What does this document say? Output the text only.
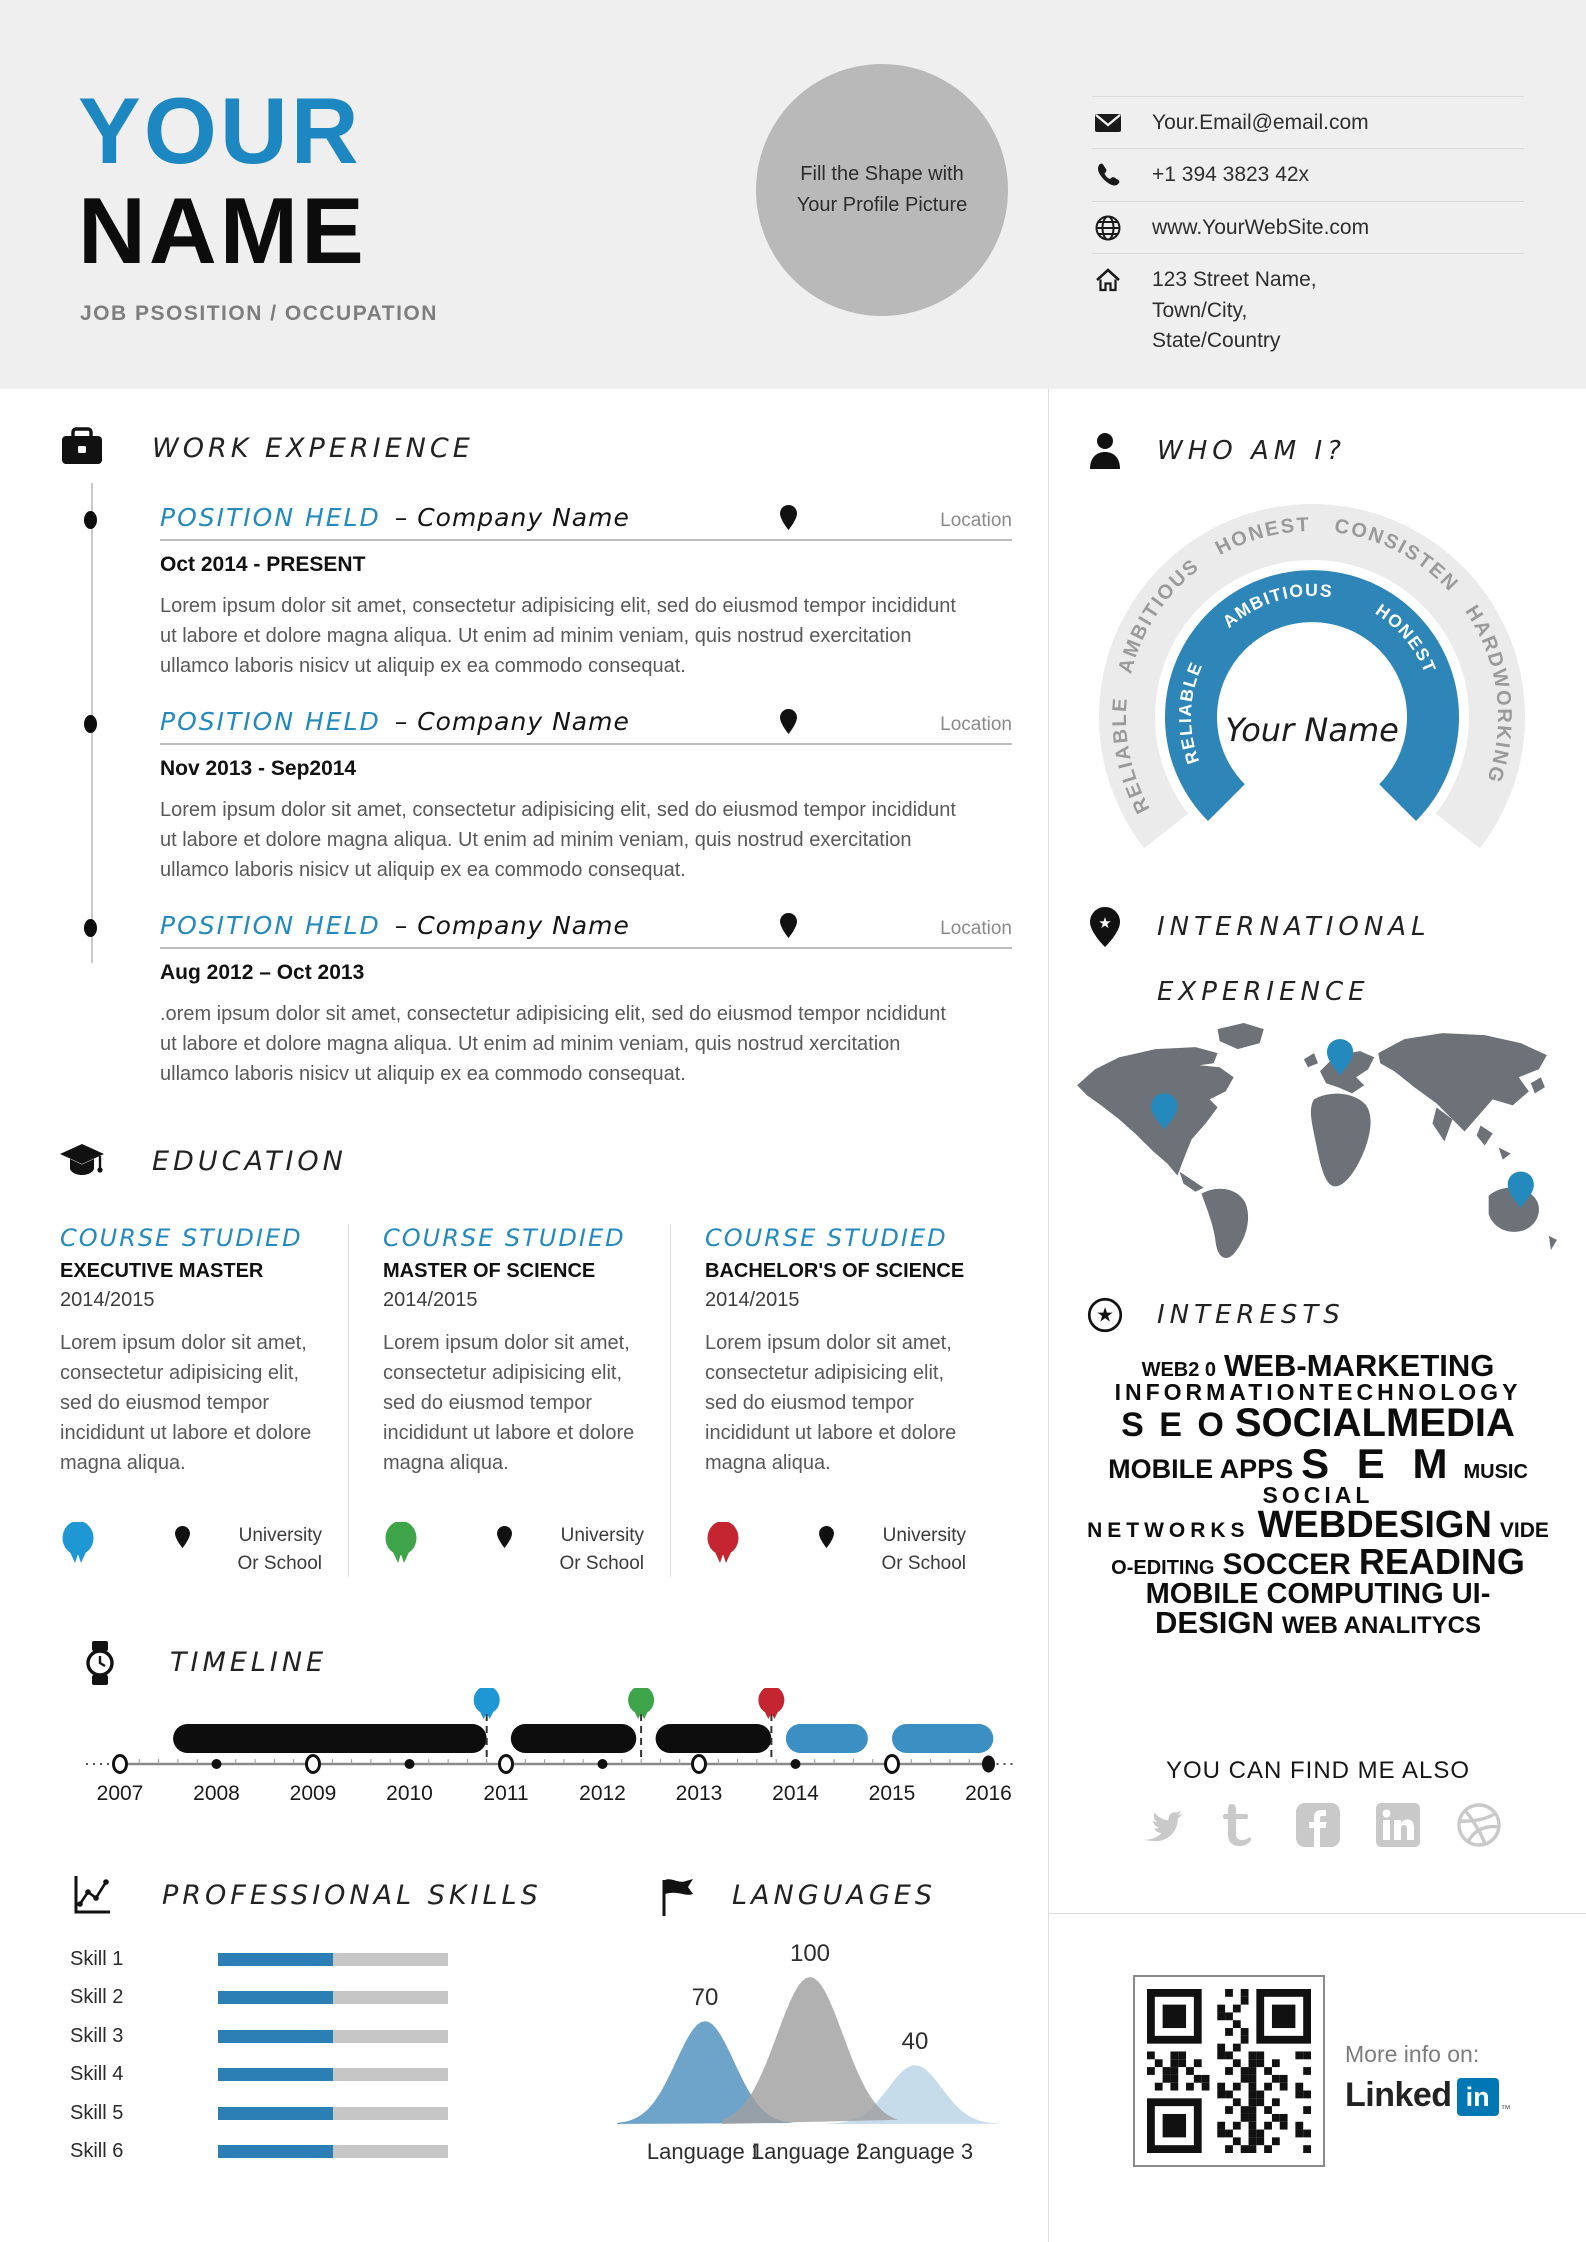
YOUR
NAME
JOB PSOSITION / OCCUPATION
Fill the Shape with Your Profile Picture
Your.Email@email.com
+1 394 3823 42x
www.YourWebSite.com
123 Street Name,
Town/City,
State/Country
WORK EXPERIENCE
POSITION HELD – Company Name	Location
Oct 2014 - PRESENT
Lorem ipsum dolor sit amet, consectetur adipisicing elit, sed do eiusmod tempor incididunt ut labore et dolore magna aliqua. Ut enim ad minim veniam, quis nostrud exercitation ullamco laboris nisicv ut aliquip ex ea commodo consequat.
POSITION HELD – Company Name	Location
Nov 2013 - Sep2014
Lorem ipsum dolor sit amet, consectetur adipisicing elit, sed do eiusmod tempor incididunt ut labore et dolore magna aliqua. Ut enim ad minim veniam, quis nostrud exercitation ullamco laboris nisicv ut aliquip ex ea commodo consequat.
POSITION HELD – Company Name	Location
Aug 2012 – Oct 2013
.orem ipsum dolor sit amet, consectetur adipisicing elit, sed do eiusmod tempor ncididunt ut labore et dolore magna aliqua. Ut enim ad minim veniam, quis nostrud xercitation ullamco laboris nisicv ut aliquip ex ea commodo consequat.
EDUCATION
COURSE STUDIED
EXECUTIVE MASTER
2014/2015
Lorem ipsum dolor sit amet, consectetur adipisicing elit, sed do eiusmod tempor incididunt ut labore et dolore magna aliqua.
University
Or School
COURSE STUDIED
MASTER OF SCIENCE
2014/2015
Lorem ipsum dolor sit amet, consectetur adipisicing elit, sed do eiusmod tempor incididunt ut labore et dolore magna aliqua.
University
Or School
COURSE STUDIED
BACHELOR'S OF SCIENCE
2014/2015
Lorem ipsum dolor sit amet, consectetur adipisicing elit, sed do eiusmod tempor incididunt ut labore et dolore magna aliqua.
University
Or School
TIMELINE
2007 2008 2009 2010 2011 2012 2013 2014 2015 2016
PROFESSIONAL SKILLS
Skill 1
Skill 2
Skill 3
Skill 4
Skill 5
Skill 6
LANGUAGES
70
100
40
Language 1
Language 2
Language 3
WHO AM I?
RELIABLE   AMBITIOUS   HONEST   CONSISTEN   HARDWORKING
RELIABLE       AMBITIOUS       HONEST
Your Name
★ INTERNATIONAL
EXPERIENCE
★ INTERESTS
WEB2 0 WEB-MARKETING
INFORMATIONTECHNOLOGY
S E O SOCIALMEDIA
MOBILE APPS S E M MUSIC
SOCIAL
NETWORKS WEBDESIGN VIDE
O-EDITING SOCCER READING
MOBILE COMPUTING UI-
DESIGN WEB ANALITYCS
YOU CAN FIND ME ALSO
More info on:
Linked in	™
